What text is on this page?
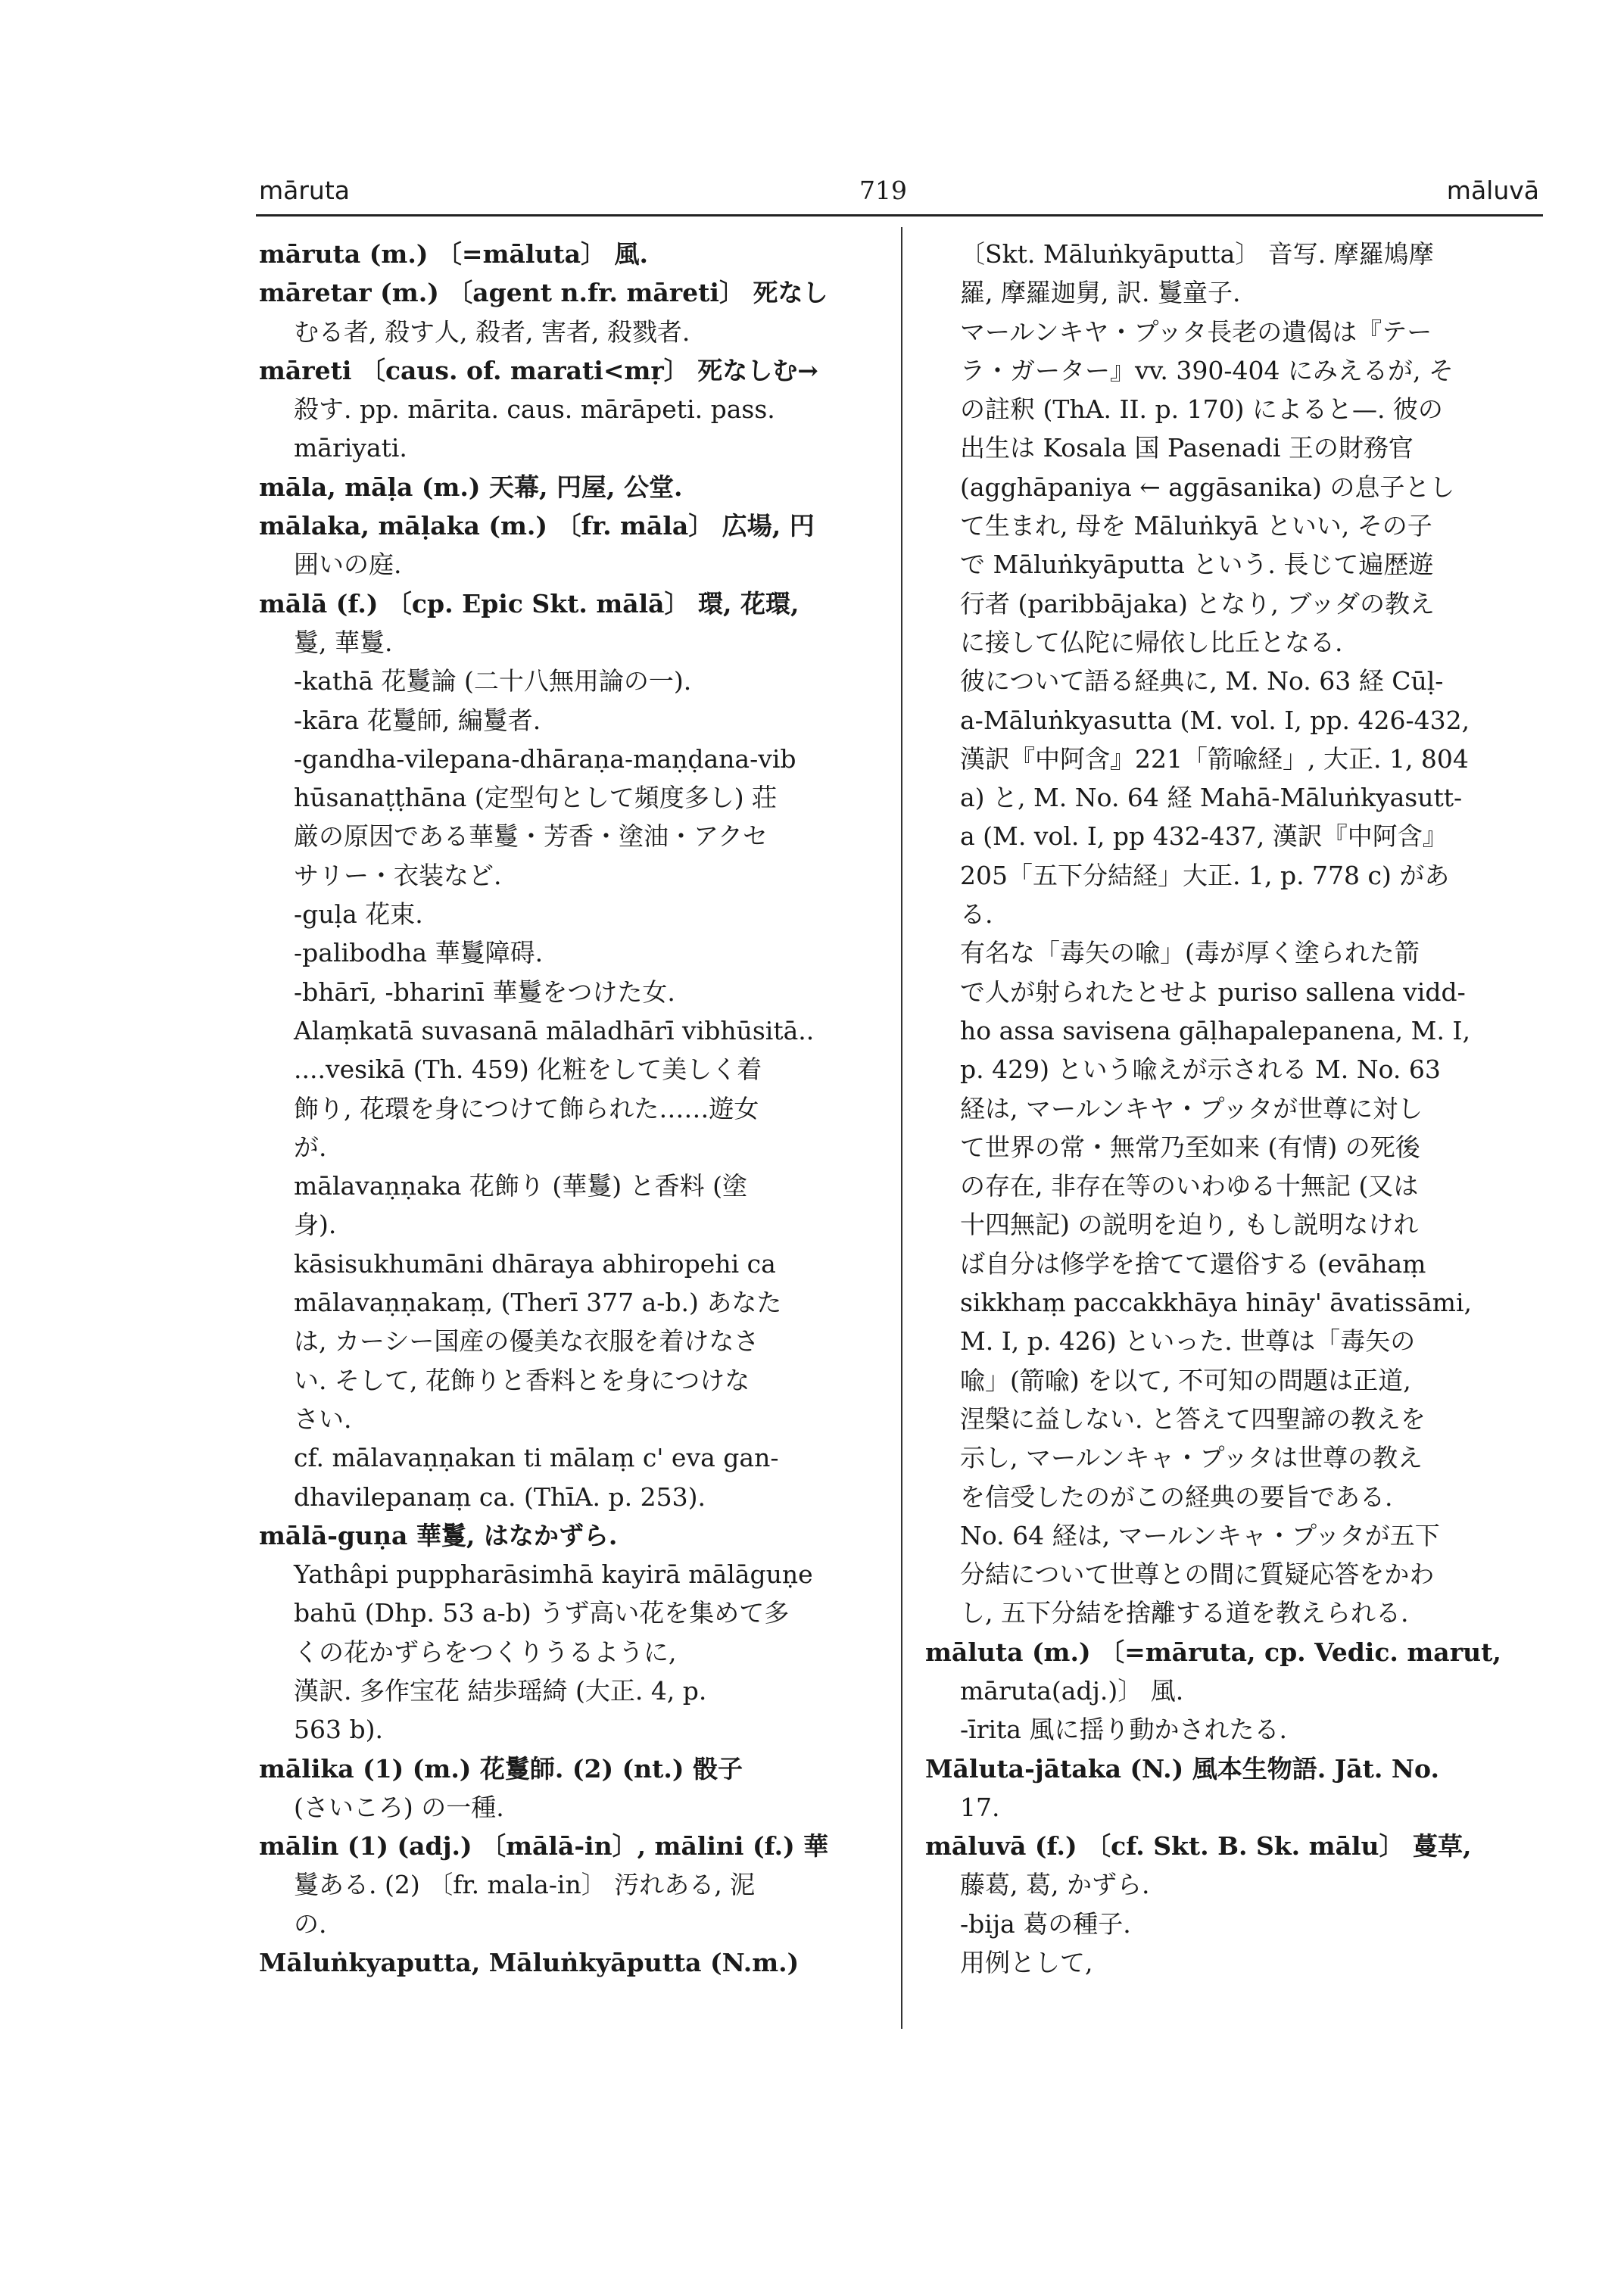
māruta	719	māluvā
māruta (m.) 〔=māluta〕 風.
māretar (m.) 〔agent n.fr. māreti〕 死なし
むる者, 殺す人, 殺者, 害者, 殺戮者.
māreti 〔caus. of. marati<mṛ〕 死なしむ→
殺す. pp. mārita. caus. mārāpeti. pass.
māriyati.
māla, māḷa (m.) 天幕, 円屋, 公堂.
mālaka, māḷaka (m.) 〔fr. māla〕 広場, 円
囲いの庭.
mālā (f.) 〔cp. Epic Skt. mālā〕 環, 花環,
鬘, 華鬘.
-kathā 花鬘論 (二十八無用論の一).
-kāra 花鬘師, 編鬘者.
-gandha-vilepana-dhāraṇa-maṇḍana-vib
hūsanaṭṭhāna (定型句として頻度多し) 荘
厳の原因である華鬘・芳香・塗油・アクセ
サリー・衣装など.
-guḷa 花束.
-palibodha 華鬘障碍.
-bhārī, -bharinī 華鬘をつけた女.
Alaṃkatā suvasanā māladhārī vibhūsitā..
....vesikā (Th. 459) 化粧をして美しく着
飾り, 花環を身につけて飾られた……遊女
が.
mālavaṇṇaka 花飾り (華鬘) と香料 (塗
身).
kāsisukhumāni dhāraya abhiropehi ca
mālavaṇṇakaṃ, (Therī 377 a-b.) あなた
は, カーシー国産の優美な衣服を着けなさ
い. そして, 花飾りと香料とを身につけな
さい.
cf. mālavaṇṇakan ti mālaṃ c' eva gan-
dhavilepanaṃ ca. (ThīA. p. 253).
mālā-guṇa 華鬘, はなかずら.
Yathâpi puppharāsimhā kayirā mālāguṇe
bahū (Dhp. 53 a-b) うず高い花を集めて多
くの花かずらをつくりうるように,
漢訳. 多作宝花 結歩瑶綺 (大正. 4, p.
563 b).
mālika (1) (m.) 花鬘師. (2) (nt.) 骰子
(さいころ) の一種.
mālin (1) (adj.) 〔mālā-in〕, mālini (f.) 華
鬘ある. (2) 〔fr. mala-in〕 汚れある, 泥
の.
Māluṅkyaputta, Māluṅkyāputta (N.m.)
〔Skt. Māluṅkyāputta〕 音写. 摩羅鳩摩
羅, 摩羅迦舅, 訳. 鬘童子.
マールンキヤ・プッタ長老の遺偈は『テー
ラ・ガーター』vv. 390-404 にみえるが, そ
の註釈 (ThA. II. p. 170) によると—. 彼の
出生は Kosala 国 Pasenadi 王の財務官
(agghāpaniya ← aggāsanika) の息子とし
て生まれ, 母を Māluṅkyā といい, その子
で Māluṅkyāputta という. 長じて遍歴遊
行者 (paribbājaka) となり, ブッダの教え
に接して仏陀に帰依し比丘となる.
彼について語る経典に, M. No. 63 経 Cūḷ-
a-Māluṅkyasutta (M. vol. I, pp. 426-432,
漢訳『中阿含』221「箭喩経」, 大正. 1, 804
a) と, M. No. 64 経 Mahā-Māluṅkyasutt-
a (M. vol. I, pp 432-437, 漢訳『中阿含』
205「五下分結経」大正. 1, p. 778 c) があ
る.
有名な「毒矢の喩」(毒が厚く塗られた箭
で人が射られたとせよ puriso sallena vidd-
ho assa savisena gāḷhapalepanena, M. I,
p. 429) という喩えが示される M. No. 63
経は, マールンキヤ・プッタが世尊に対し
て世界の常・無常乃至如来 (有情) の死後
の存在, 非存在等のいわゆる十無記 (又は
十四無記) の説明を迫り, もし説明なけれ
ば自分は修学を捨てて還俗する (evāhaṃ
sikkhaṃ paccakkhāya hināy' āvatissāmi,
M. I, p. 426) といった. 世尊は「毒矢の
喩」(箭喩) を以て, 不可知の問題は正道,
涅槃に益しない. と答えて四聖諦の教えを
示し, マールンキャ・プッタは世尊の教え
を信受したのがこの経典の要旨である.
No. 64 経は, マールンキャ・プッタが五下
分結について世尊との間に質疑応答をかわ
し, 五下分結を捨離する道を教えられる.
māluta (m.) 〔=māruta, cp. Vedic. marut,
māruta(adj.)〕 風.
-īrita 風に揺り動かされたる.
Māluta-jātaka (N.) 風本生物語. Jāt. No.
17.
māluvā (f.) 〔cf. Skt. B. Sk. mālu〕 蔓草,
藤葛, 葛, かずら.
-bija 葛の種子.
用例として,
